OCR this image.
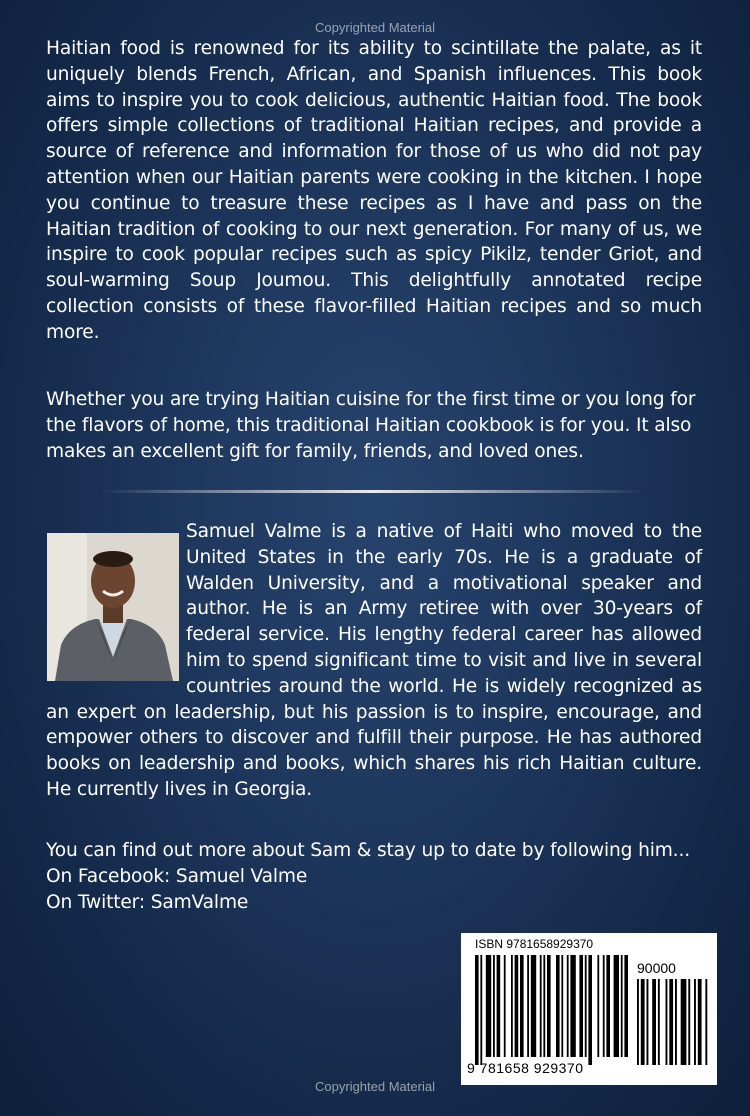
Copyrighted Material

Haitian food is renowned for its ability to scintillate the palate, as it uniquely blends French, African, and Spanish influences. This book aims to inspire you to cook delicious, authentic Haitian food. The book offers simple collections of traditional Haitian recipes, and provide a source of reference and information for those of us who did not pay attention when our Haitian parents were cooking in the kitchen. I hope you continue to treasure these recipes as I have and pass on the Haitian tradition of cooking to our next generation. For many of us, we inspire to cook popular recipes such as spicy Pikilz, tender Griot, and soul-warming Soup Joumou. This delightfully annotated recipe collection consists of these flavor-filled Haitian recipes and so much more.

Whether you are trying Haitian cuisine for the first time or you long for the flavors of home, this traditional Haitian cookbook is for you. It also makes an excellent gift for family, friends, and loved ones.

Samuel Valme is a native of Haiti who moved to the United States in the early 70s. He is a graduate of Walden University, and a motivational speaker and author. He is an Army retiree with over 30-years of federal service. His lengthy federal career has allowed him to spend significant time to visit and live in several countries around the world. He is widely recognized as an expert on leadership, but his passion is to inspire, encourage, and empower others to discover and fulfill their purpose. He has authored books on leadership and books, which shares his rich Haitian culture. He currently lives in Georgia.

You can find out more about Sam & stay up to date by following him...

On Facebook: Samuel Valme

On Twitter: SamValme

ISBN 9781658929370
90000
9 781658 929370
Copyrighted Material
